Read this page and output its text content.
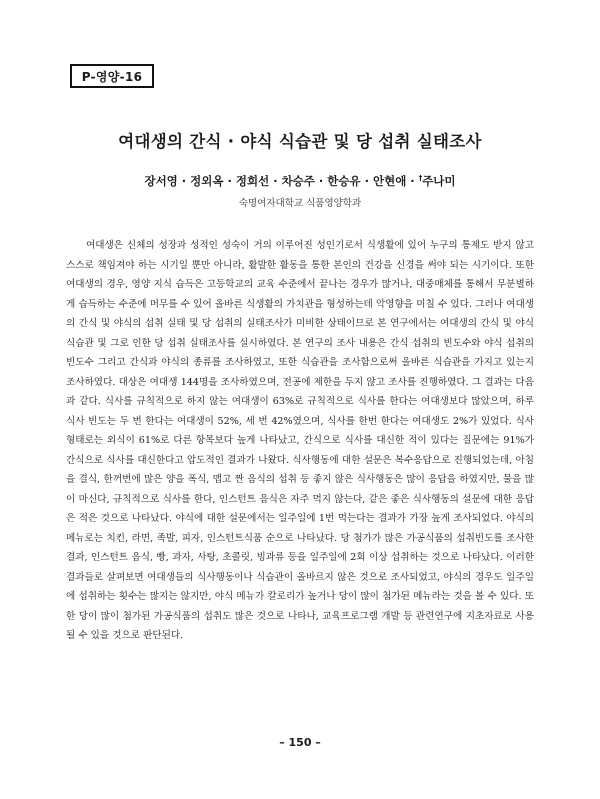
P-영양-16
여대생의 간식 · 야식 식습관 및 당 섭취 실태조사
장서영 · 정외옥 · 정희선 · 차승주 · 한승유 · 안현애 · †주나미
숙명여자대학교 식품영양학과

여대생은 신체의 성장과 성적인 성숙이 거의 이루어진 성인기로서 식생활에 있어 누구의 통제도 받지 않고 스스로 책임져야 하는 시기일 뿐만 아니라, 활발한 활동을 통한 본인의 건강을 신경을 써야 되는 시기이다. 또한 여대생의 경우, 영양 지식 습득은 고등학교의 교육 수준에서 끝나는 경우가 많거나, 대중매체를 통해서 무분별하게 습득하는 수준에 머무를 수 있어 올바른 식생활의 가치관을 형성하는데 악영향을 미칠 수 있다. 그러나 여대생의 간식 및 야식의 섭취 실태 및 당 섭취의 실태조사가 미비한 상태이므로 본 연구에서는 여대생의 간식 및 야식 식습관 및 그로 인한 당 섭취 실태조사를 실시하였다. 본 연구의 조사 내용은 간식 섭취의 빈도수와 야식 섭취의 빈도수 그리고 간식과 야식의 종류를 조사하였고, 또한 식습관을 조사함으로써 올바른 식습관을 가지고 있는지 조사하였다. 대상은 여대생 144명을 조사하였으며, 전공에 제한을 두지 않고 조사를 진행하였다. 그 결과는 다음과 같다. 식사를 규칙적으로 하지 않는 여대생이 63%로 규칙적으로 식사를 한다는 여대생보다 많았으며, 하루 식사 빈도는 두 번 한다는 여대생이 52%, 세 번 42%였으며, 식사를 한번 한다는 여대생도 2%가 있었다. 식사 형태로는 외식이 61%로 다른 항목보다 높게 나타났고, 간식으로 식사를 대신한 적이 있다는 질문에는 91%가 간식으로 식사를 대신한다고 압도적인 결과가 나왔다. 식사행동에 대한 설문은 복수응답으로 진행되었는데, 아침을 결식, 한꺼번에 많은 양을 폭식, 맵고 짠 음식의 섭취 등 좋지 않은 식사행동은 많이 응답을 하였지만, 물을 많이 마신다, 규칙적으로 식사를 한다, 인스턴트 음식은 자주 먹지 않는다, 같은 좋은 식사행동의 설문에 대한 응답은 적은 것으로 나타났다. 야식에 대한 설문에서는 일주일에 1번 먹는다는 결과가 가장 높게 조사되었다. 야식의 메뉴로는 치킨, 라면, 족발, 피자, 인스턴트식품 순으로 나타났다. 당 첨가가 많은 가공식품의 섭취빈도를 조사한 결과, 인스턴트 음식, 빵, 과자, 사탕, 초콜릿, 빙과류 등을 일주일에 2회 이상 섭취하는 것으로 나타났다. 이러한 결과들로 살펴보면 여대생들의 식사행동이나 식습관이 올바르지 않은 것으로 조사되었고, 야식의 경우도 일주일에 섭취하는 횟수는 많지는 않지만, 야식 메뉴가 칼로리가 높거나 당이 많이 첨가된 메뉴라는 것을 볼 수 있다. 또한 당이 많이 첨가된 가공식품의 섭취도 많은 것으로 나타나, 교육프로그램 개발 등 관련연구에 지초자료로 사용될 수 있을 것으로 판단된다.

– 150 –
